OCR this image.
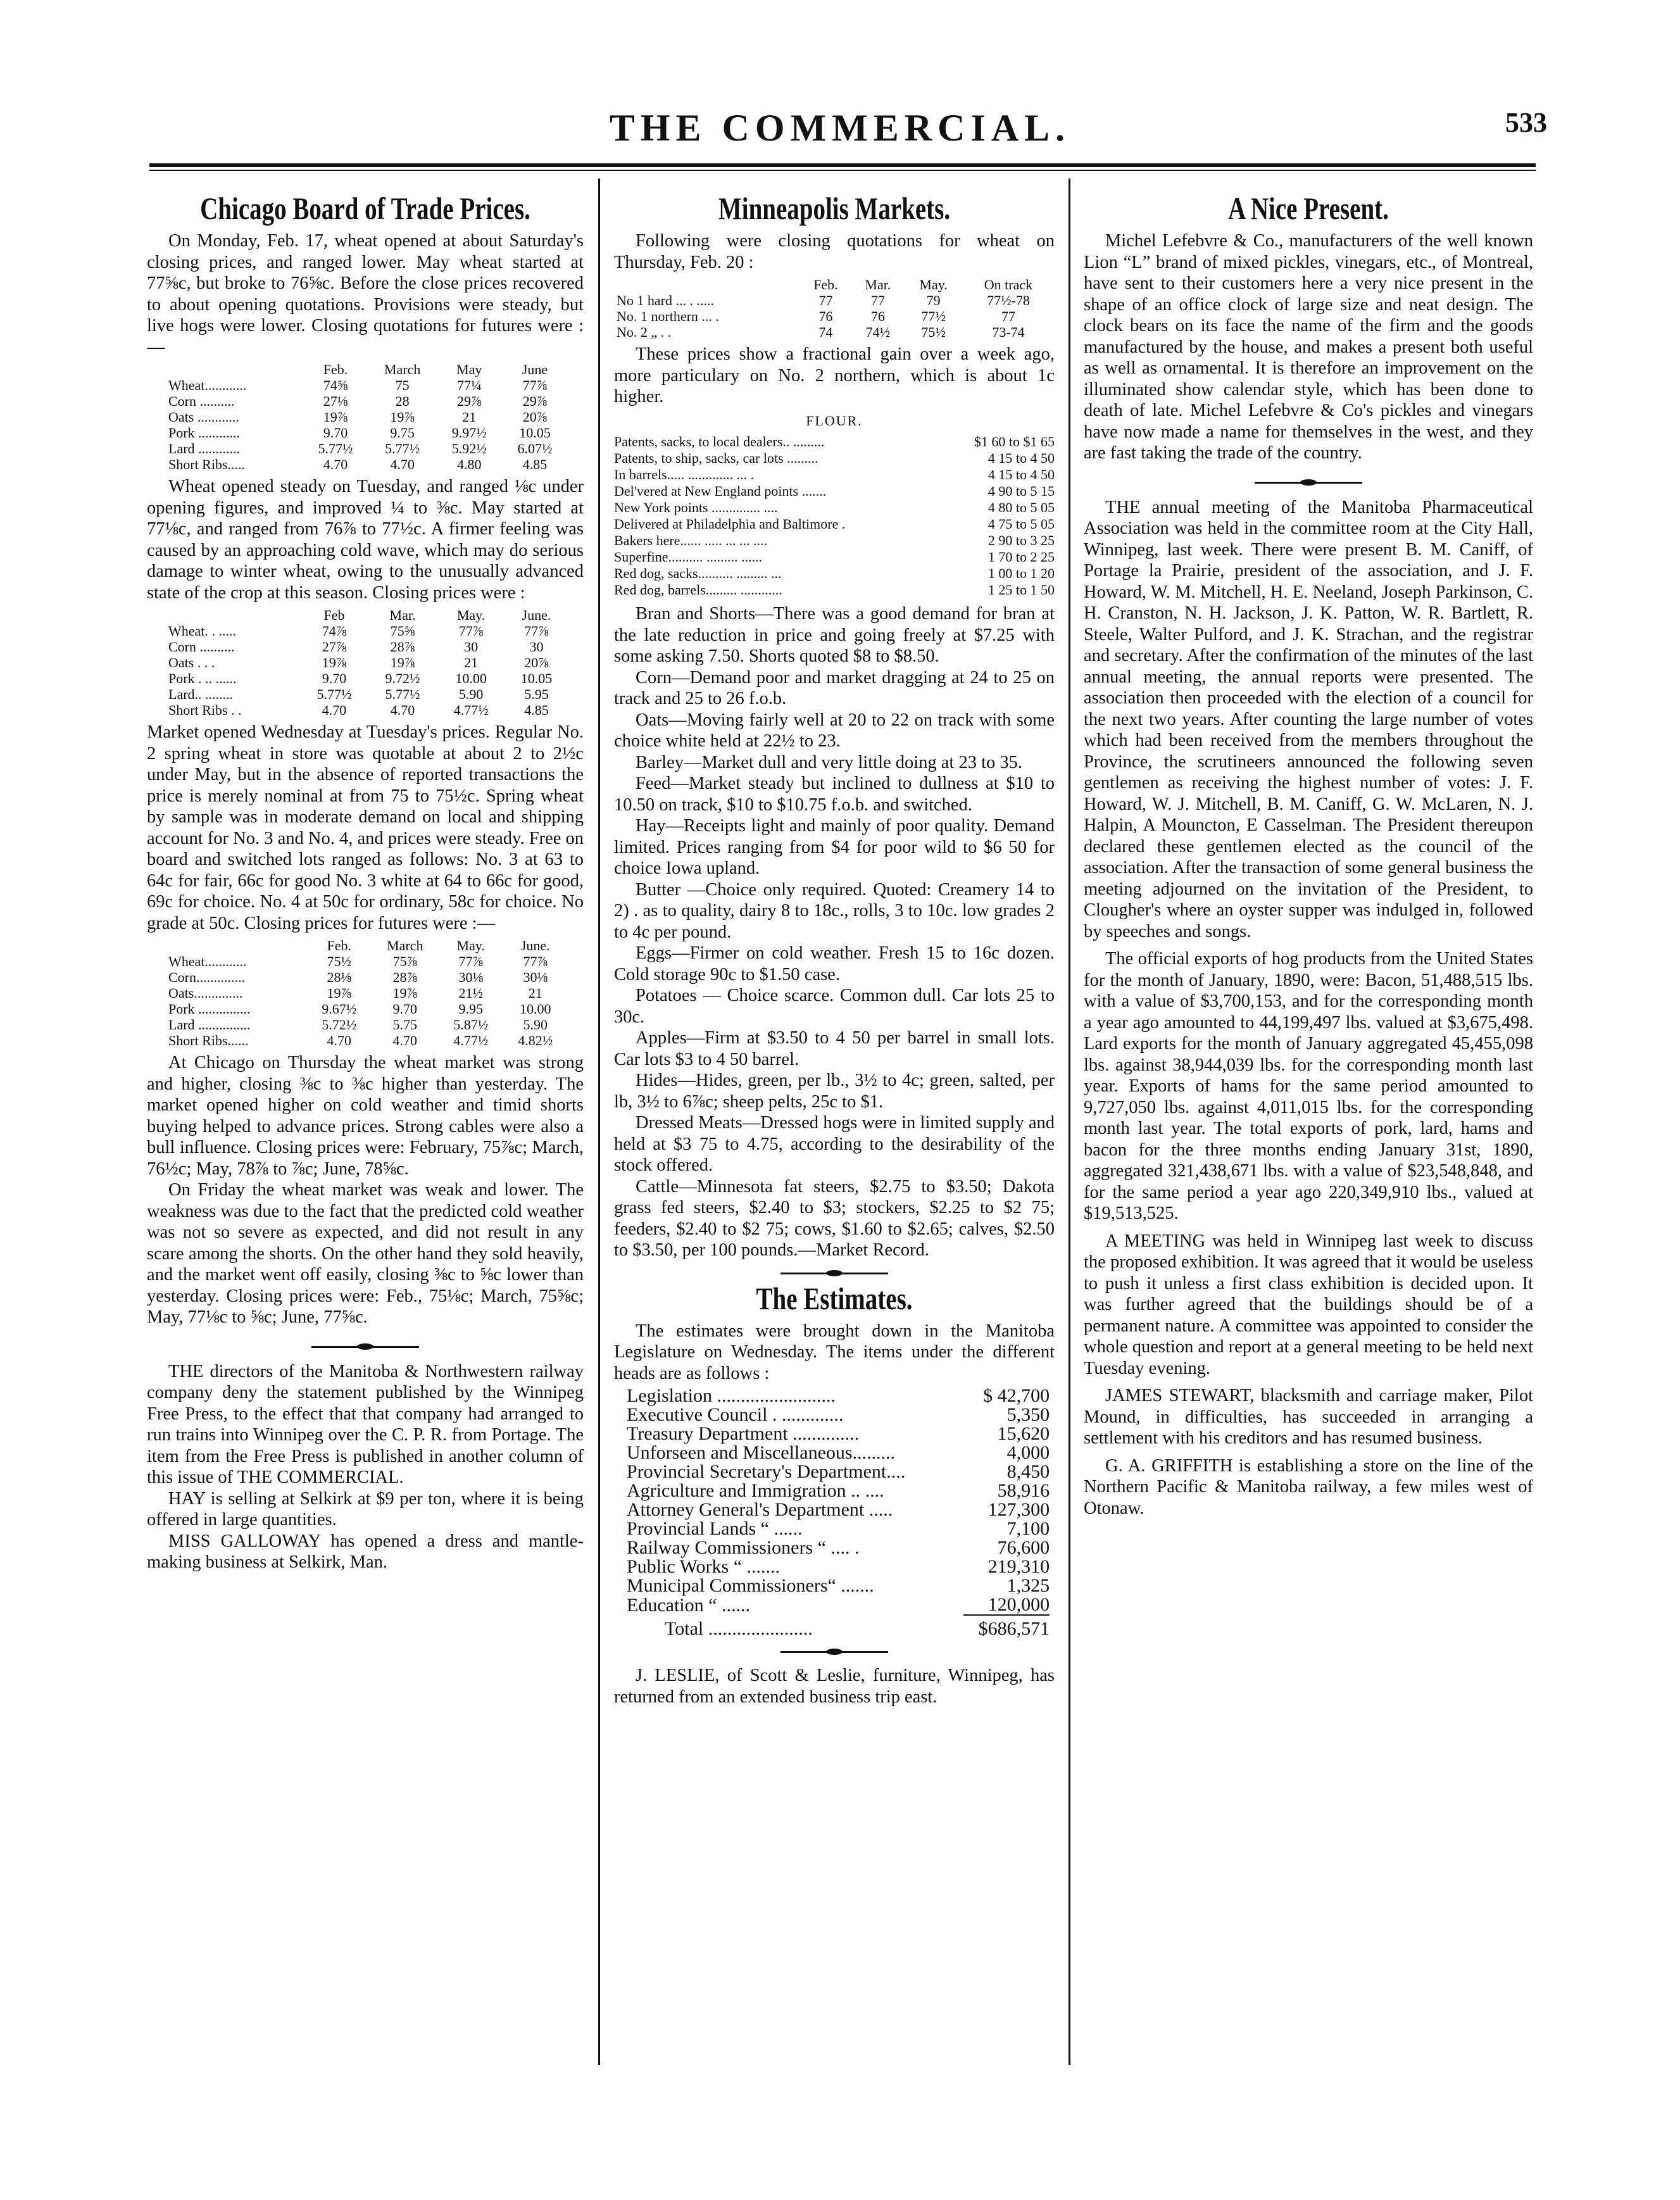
THE COMMERCIAL.	533
Chicago Board of Trade Prices.

On Monday, Feb. 17, wheat opened at about Saturday's closing prices, and ranged lower. May wheat started at 77⅝c, but broke to 76⅝c. Before the close prices recovered to about opening quotations. Provisions were steady, but live hogs were lower. Closing quotations for futures were :—

	Feb.	March	May	June
Wheat............	74⅝	75	77¼	77⅞
Corn ..........	27⅛	28	29⅞	29⅞
Oats ............	19⅞	19⅞	21	20⅞
Pork ............	9.70	9.75	9.97½	10.05
Lard ............	5.77½	5.77½	5.92½	6.07½
Short Ribs.....	4.70	4.70	4.80	4.85

Wheat opened steady on Tuesday, and ranged ⅛c under opening figures, and improved ¼ to ⅜c. May started at 77⅛c, and ranged from 76⅞ to 77½c. A firmer feeling was caused by an approaching cold wave, which may do serious damage to winter wheat, owing to the unusually advanced state of the crop at this season. Closing prices were :

	Feb	Mar.	May.	June.
Wheat. . .....	74⅞	75⅝	77⅞	77⅞
Corn ..........	27⅞	28⅞	30	30
Oats . . .	19⅞	19⅞	21	20⅞
Pork . .. ......	9.70	9.72½	10.00	10.05
Lard.. ........	5.77½	5.77½	5.90	5.95
Short Ribs . .	4.70	4.70	4.77½	4.85

Market opened Wednesday at Tuesday's prices. Regular No. 2 spring wheat in store was quotable at about 2 to 2½c under May, but in the absence of reported transactions the price is merely nominal at from 75 to 75½c. Spring wheat by sample was in moderate demand on local and shipping account for No. 3 and No. 4, and prices were steady. Free on board and switched lots ranged as follows: No. 3 at 63 to 64c for fair, 66c for good No. 3 white at 64 to 66c for good, 69c for choice. No. 4 at 50c for ordinary, 58c for choice. No grade at 50c. Closing prices for futures were :—

	Feb.	March	May.	June.
Wheat............	75½	75⅞	77⅞	77⅞
Corn..............	28⅛	28⅞	30⅛	30⅛
Oats..............	19⅞	19⅞	21½	21
Pork ...............	9.67½	9.70	9.95	10.00
Lard ...............	5.72½	5.75	5.87½	5.90
Short Ribs......	4.70	4.70	4.77½	4.82½

At Chicago on Thursday the wheat market was strong and higher, closing ⅜c to ⅜c higher than yesterday. The market opened higher on cold weather and timid shorts buying helped to advance prices. Strong cables were also a bull influence. Closing prices were: February, 75⅞c; March, 76½c; May, 78⅞ to ⅞c; June, 78⅝c.

On Friday the wheat market was weak and lower. The weakness was due to the fact that the predicted cold weather was not so severe as expected, and did not result in any scare among the shorts. On the other hand they sold heavily, and the market went off easily, closing ⅜c to ⅝c lower than yesterday. Closing prices were: Feb., 75⅛c; March, 75⅝c; May, 77⅛c to ⅝c; June, 77⅝c.

THE directors of the Manitoba & Northwestern railway company deny the statement published by the Winnipeg Free Press, to the effect that that company had arranged to run trains into Winnipeg over the C. P. R. from Portage. The item from the Free Press is published in another column of this issue of THE COMMERCIAL.

HAY is selling at Selkirk at $9 per ton, where it is being offered in large quantities.

MISS GALLOWAY has opened a dress and mantle-making business at Selkirk, Man.

Minneapolis Markets.

Following were closing quotations for wheat on Thursday, Feb. 20 :

	Feb.	Mar.	May.	On track
No 1 hard ... . .....	77	77	79	77½-78
No. 1 northern ... .	76	76	77½	77
No. 2 „ . .	74	74½	75½	73-74

These prices show a fractional gain over a week ago, more particulary on No. 2 northern, which is about 1c higher.

FLOUR.
Patents, sacks, to local dealers.. .........	$1 60 to $1 65
Patents, to ship, sacks, car lots .........	4 15 to 4 50
In barrels..... ............. ... .	4 15 to 4 50
Del'vered at New England points .......	4 90 to 5 15
New York points .............. ....	4 80 to 5 05
Delivered at Philadelphia and Baltimore .	4 75 to 5 05
Bakers here...... ..... ... ... ....	2 90 to 3 25
Superfine.......... ......... ......	1 70 to 2 25
Red dog, sacks.......... ......... ...	1 00 to 1 20
Red dog, barrels......... ............	1 25 to 1 50

Bran and Shorts—There was a good demand for bran at the late reduction in price and going freely at $7.25 with some asking 7.50. Shorts quoted $8 to $8.50.

Corn—Demand poor and market dragging at 24 to 25 on track and 25 to 26 f.o.b.

Oats—Moving fairly well at 20 to 22 on track with some choice white held at 22½ to 23.

Barley—Market dull and very little doing at 23 to 35.

Feed—Market steady but inclined to dullness at $10 to 10.50 on track, $10 to $10.75 f.o.b. and switched.

Hay—Receipts light and mainly of poor quality. Demand limited. Prices ranging from $4 for poor wild to $6 50 for choice Iowa upland.

Butter —Choice only required. Quoted: Creamery 14 to 2) . as to quality, dairy 8 to 18c., rolls, 3 to 10c. low grades 2 to 4c per pound.

Eggs—Firmer on cold weather. Fresh 15 to 16c dozen. Cold storage 90c to $1.50 case.

Potatoes — Choice scarce. Common dull. Car lots 25 to 30c.

Apples—Firm at $3.50 to 4 50 per barrel in small lots. Car lots $3 to 4 50 barrel.

Hides—Hides, green, per lb., 3½ to 4c; green, salted, per lb, 3½ to 6⅞c; sheep pelts, 25c to $1.

Dressed Meats—Dressed hogs were in limited supply and held at $3 75 to 4.75, according to the desirability of the stock offered.

Cattle—Minnesota fat steers, $2.75 to $3.50; Dakota grass fed steers, $2.40 to $3; stockers, $2.25 to $2 75; feeders, $2.40 to $2 75; cows, $1.60 to $2.65; calves, $2.50 to $3.50, per 100 pounds.—Market Record.

The Estimates.

The estimates were brought down in the Manitoba Legislature on Wednesday. The items under the different heads are as follows :

Legislation .........................	$ 42,700
Executive Council . .............	5,350
Treasury Department ..............	15,620
Unforseen and Miscellaneous.........	4,000
Provincial Secretary's Department....	8,450
Agriculture and Immigration .. ....	58,916
Attorney General's Department .....	127,300
Provincial Lands “ ......	7,100
Railway Commissioners “ .... .	76,600
Public Works “ .......	219,310
Municipal Commissioners“ .......	1,325
Education “ ......	120,000
Total ......................	$686,571

J. LESLIE, of Scott & Leslie, furniture, Winnipeg, has returned from an extended business trip east.

A Nice Present.

Michel Lefebvre & Co., manufacturers of the well known Lion “L” brand of mixed pickles, vinegars, etc., of Montreal, have sent to their customers here a very nice present in the shape of an office clock of large size and neat design. The clock bears on its face the name of the firm and the goods manufactured by the house, and makes a present both useful as well as ornamental. It is therefore an improvement on the illuminated show calendar style, which has been done to death of late. Michel Lefebvre & Co's pickles and vinegars have now made a name for themselves in the west, and they are fast taking the trade of the country.

THE annual meeting of the Manitoba Pharmaceutical Association was held in the committee room at the City Hall, Winnipeg, last week. There were present B. M. Caniff, of Portage la Prairie, president of the association, and J. F. Howard, W. M. Mitchell, H. E. Neeland, Joseph Parkinson, C. H. Cranston, N. H. Jackson, J. K. Patton, W. R. Bartlett, R. Steele, Walter Pulford, and J. K. Strachan, and the registrar and secretary. After the confirmation of the minutes of the last annual meeting, the annual reports were presented. The association then proceeded with the election of a council for the next two years. After counting the large number of votes which had been received from the members throughout the Province, the scrutineers announced the following seven gentlemen as receiving the highest number of votes: J. F. Howard, W. J. Mitchell, B. M. Caniff, G. W. McLaren, N. J. Halpin, A Mouncton, E Casselman. The President thereupon declared these gentlemen elected as the council of the association. After the transaction of some general business the meeting adjourned on the invitation of the President, to Clougher's where an oyster supper was indulged in, followed by speeches and songs.

The official exports of hog products from the United States for the month of January, 1890, were: Bacon, 51,488,515 lbs. with a value of $3,700,153, and for the corresponding month a year ago amounted to 44,199,497 lbs. valued at $3,675,498. Lard exports for the month of January aggregated 45,455,098 lbs. against 38,944,039 lbs. for the corresponding month last year. Exports of hams for the same period amounted to 9,727,050 lbs. against 4,011,015 lbs. for the corresponding month last year. The total exports of pork, lard, hams and bacon for the three months ending January 31st, 1890, aggregated 321,438,671 lbs. with a value of $23,548,848, and for the same period a year ago 220,349,910 lbs., valued at $19,513,525.

A MEETING was held in Winnipeg last week to discuss the proposed exhibition. It was agreed that it would be useless to push it unless a first class exhibition is decided upon. It was further agreed that the buildings should be of a permanent nature. A committee was appointed to consider the whole question and report at a general meeting to be held next Tuesday evening.

JAMES STEWART, blacksmith and carriage maker, Pilot Mound, in difficulties, has succeeded in arranging a settlement with his creditors and has resumed business.

G. A. GRIFFITH is establishing a store on the line of the Northern Pacific & Manitoba railway, a few miles west of Otonaw.
